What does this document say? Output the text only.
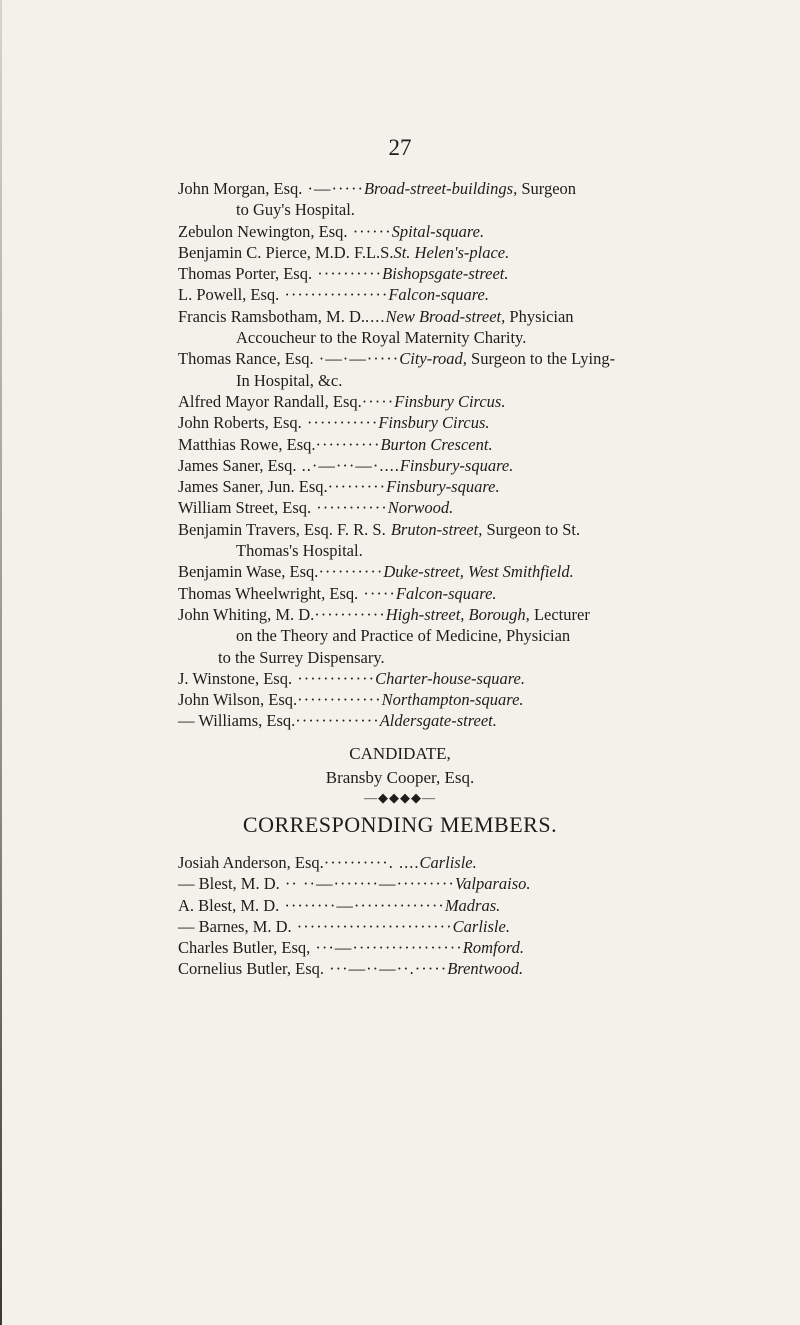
27
John Morgan, Esq. ·—·····Broad-street-buildings, Surgeon
to Guy's Hospital.
Zebulon Newington, Esq. ······Spital-square.
Benjamin C. Pierce, M.D. F.L.S.St. Helen's-place.
Thomas Porter, Esq. ··········Bishopsgate-street.
L. Powell, Esq. ················Falcon-square.
Francis Ramsbotham, M. D.....New Broad-street, Physician
Accoucheur to the Royal Maternity Charity.
Thomas Rance, Esq. ·—·—·····City-road, Surgeon to the Lying-
In Hospital, &c.
Alfred Mayor Randall, Esq.·····Finsbury Circus.
John Roberts, Esq. ···········Finsbury Circus.
Matthias Rowe, Esq.··········Burton Crescent.
James Saner, Esq. ..·—···—·....Finsbury-square.
James Saner, Jun. Esq.·········Finsbury-square.
William Street, Esq. ···········Norwood.
Benjamin Travers, Esq. F. R. S. Bruton-street, Surgeon to St.
Thomas's Hospital.
Benjamin Wase, Esq.··········Duke-street, West Smithfield.
Thomas Wheelwright, Esq. ·····Falcon-square.
John Whiting, M. D.···········High-street, Borough, Lecturer
on the Theory and Practice of Medicine, Physician
to the Surrey Dispensary.
J. Winstone, Esq. ············Charter-house-square.
John Wilson, Esq.·············Northampton-square.
— Williams, Esq.·············Aldersgate-street.
CANDIDATE,
Bransby Cooper, Esq.
—◆◆◆◆—
CORRESPONDING MEMBERS.
Josiah Anderson, Esq.··········. ....Carlisle.
— Blest, M. D. ·· ··—·······—·········Valparaiso.
A. Blest, M. D. ········—··············Madras.
— Barnes, M. D. ························Carlisle.
Charles Butler, Esq, ···—·················Romford.
Cornelius Butler, Esq. ···—··—··.·····Brentwood.
